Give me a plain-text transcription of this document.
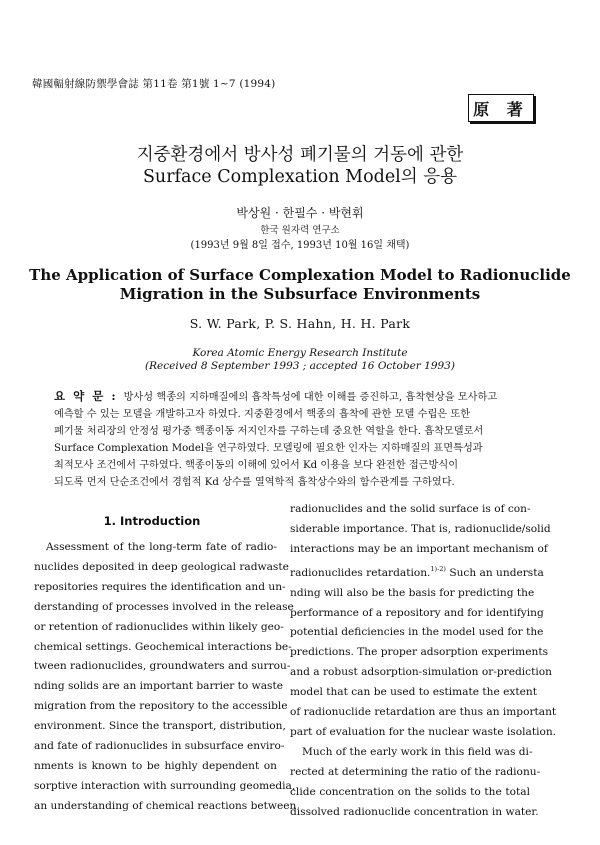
韓國輻射線防禦學會誌 第11卷 第1號 1~7 (1994)
原 著
지중환경에서 방사성 폐기물의 거동에 관한
Surface Complexation Model의 응용
박상원 · 한필수 · 박현휘
한국 원자력 연구소
(1993년 9월 8일 접수, 1993년 10월 16일 채택)
The Application of Surface Complexation Model to Radionuclide
Migration in the Subsurface Environments
S. W. Park, P. S. Hahn, H. H. Park
Korea Atomic Energy Research Institute
(Received 8 September 1993 ; accepted 16 October 1993)
요 약 문 : 방사성 핵종의 지하매질에의 흡착특성에 대한 이해를 증진하고, 흡착현상을 모사하고
예측할 수 있는 모델을 개발하고자 하였다. 지중환경에서 핵종의 흡착에 관한 모델 수립은 또한
폐기물 처리장의 안정성 평가중 핵종이동 저지인자를 구하는데 중요한 역할을 한다. 흡착모델로서
Surface Complexation Model을 연구하였다. 모델링에 필요한 인자는 지하매질의 표면특성과
최적모사 조건에서 구하였다. 핵종이동의 이해에 있어서 Kd 이용을 보다 완전한 접근방식이
되도록 먼저 단순조건에서 경험적 Kd 상수를 열역학적 흡착상수와의 함수관계를 구하였다.
1. Introduction
Assessment of the long-term fate of radio-
nuclides deposited in deep geological radwaste
repositories requires the identification and un-
derstanding of processes involved in the release
or retention of radionuclides within likely geo-
chemical settings. Geochemical interactions be-
tween radionuclides, groundwaters and surrou-
nding solids are an important barrier to waste
migration from the repository to the accessible
environment. Since the transport, distribution,
and fate of radionuclides in subsurface enviro-
nments is known to be highly dependent on
sorptive interaction with surrounding geomedia,
an understanding of chemical reactions between
radionuclides and the solid surface is of con-
siderable importance. That is, radionuclide/solid
interactions may be an important mechanism of
radionuclides retardation.$^{1)-2)}$ Such an understa
nding will also be the basis for predicting the
performance of a repository and for identifying
potential deficiencies in the model used for the
predictions. The proper adsorption experiments
and a robust adsorption-simulation or-prediction
model that can be used to estimate the extent
of radionuclide retardation are thus an important
part of evaluation for the nuclear waste isolation.
Much of the early work in this field was di-
rected at determining the ratio of the radionu-
clide concentration on the solids to the total
dissolved radionuclide concentration in water.
